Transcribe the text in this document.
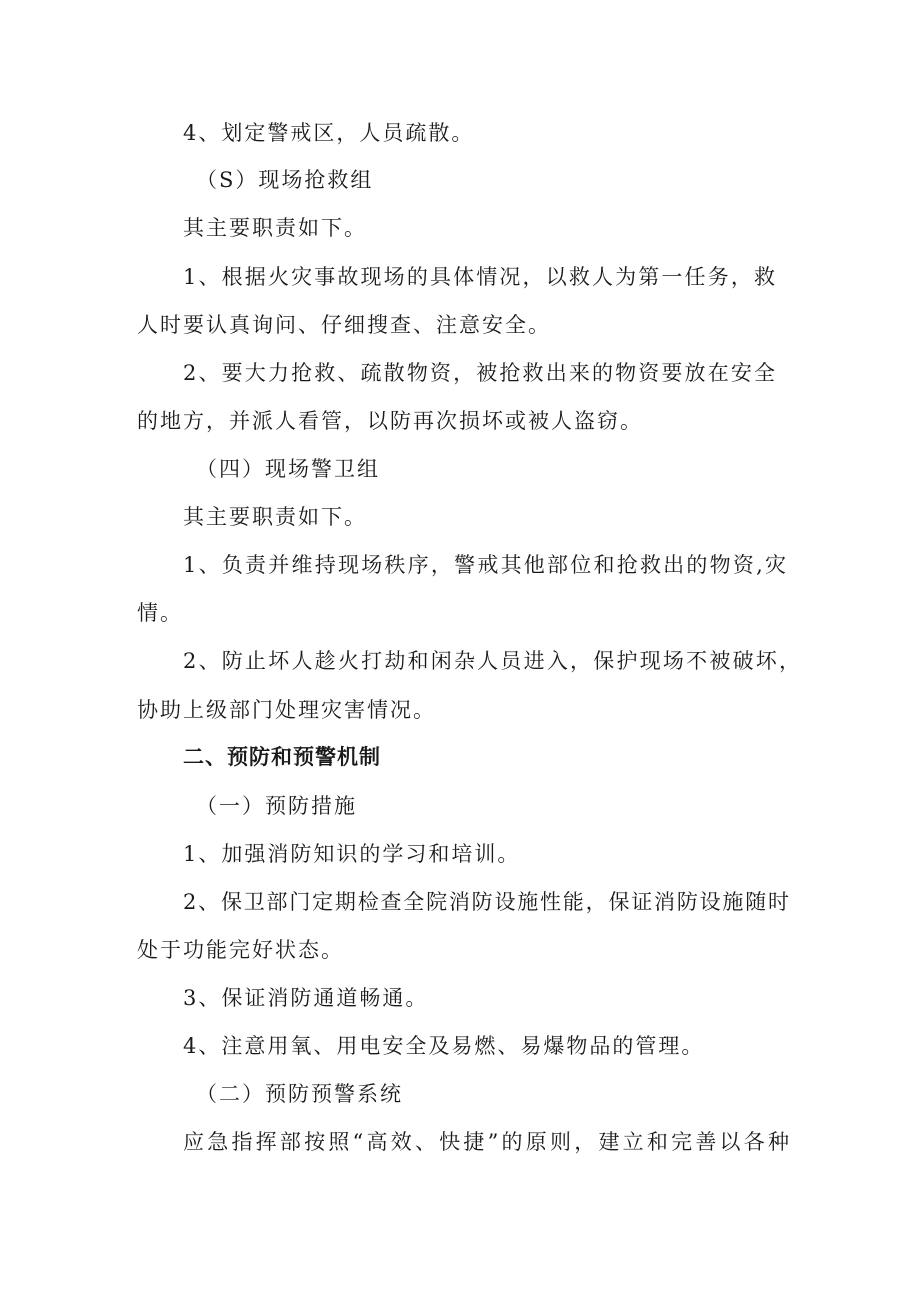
4、划定警戒区，人员疏散。
（S）现场抢救组
其主要职责如下。
1、根据火灾事故现场的具体情况，以救人为第一任务，救
人时要认真询问、仔细搜查、注意安全。
2、要大力抢救、疏散物资，被抢救出来的物资要放在安全
的地方，并派人看管，以防再次损坏或被人盗窃。
（四）现场警卫组
其主要职责如下。
1、负责并维持现场秩序，警戒其他部位和抢救出的物资,灾
情。
2、防止坏人趁火打劫和闲杂人员进入，保护现场不被破坏，
协助上级部门处理灾害情况。
二、预防和预警机制
（一）预防措施
1、加强消防知识的学习和培训。
2、保卫部门定期检查全院消防设施性能，保证消防设施随时
处于功能完好状态。
3、保证消防通道畅通。
4、注意用氧、用电安全及易燃、易爆物品的管理。
（二）预防预警系统
应急指挥部按照“高效、快捷”的原则，建立和完善以各种
